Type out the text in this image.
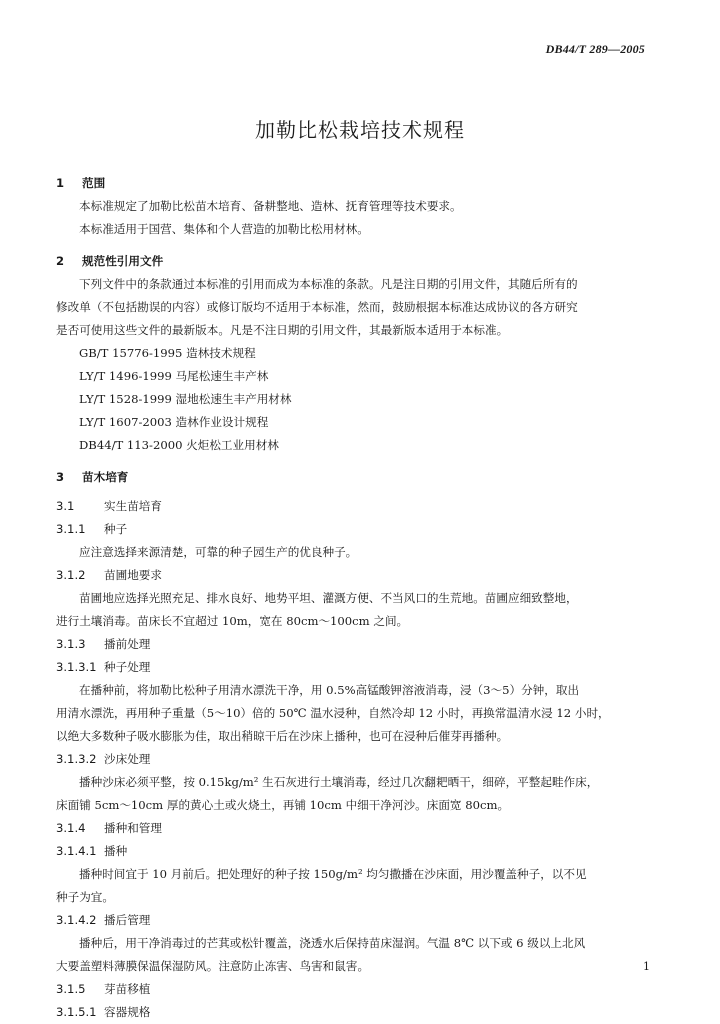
DB44/T 289—2005
加勒比松栽培技术规程
1 范围
本标准规定了加勒比松苗木培育、备耕整地、造林、抚育管理等技术要求。
本标准适用于国营、集体和个人营造的加勒比松用材林。
2 规范性引用文件
下列文件中的条款通过本标准的引用而成为本标准的条款。凡是注日期的引用文件，其随后所有的
修改单（不包括勘误的内容）或修订版均不适用于本标准，然而，鼓励根据本标准达成协议的各方研究
是否可使用这些文件的最新版本。凡是不注日期的引用文件，其最新版本适用于本标准。
GB/T 15776-1995 造林技术规程
LY/T 1496-1999 马尾松速生丰产林
LY/T 1528-1999 湿地松速生丰产用材林
LY/T 1607-2003 造林作业设计规程
DB44/T 113-2000 火炬松工业用材林
3 苗木培育
3.1	实生苗培育
3.1.1 种子
应注意选择来源清楚，可靠的种子园生产的优良种子。
3.1.2 苗圃地要求
苗圃地应选择光照充足、排水良好、地势平坦、灌溉方便、不当风口的生荒地。苗圃应细致整地，
进行土壤消毒。苗床长不宜超过 10m，宽在 80cm～100cm 之间。
3.1.3 播前处理
3.1.3.1 种子处理
在播种前，将加勒比松种子用清水漂洗干净，用 0.5%高锰酸钾溶液消毒，浸（3～5）分钟，取出
用清水漂洗，再用种子重量（5～10）倍的 50℃ 温水浸种，自然冷却 12 小时，再换常温清水浸 12 小时，
以绝大多数种子吸水膨胀为佳，取出稍晾干后在沙床上播种，也可在浸种后催芽再播种。
3.1.3.2 沙床处理
播种沙床必须平整，按 0.15kg/m² 生石灰进行土壤消毒，经过几次翻耙晒干，细碎，平整起畦作床，
床面铺 5cm～10cm 厚的黄心土或火烧土，再铺 10cm 中细干净河沙。床面宽 80cm。
3.1.4 播种和管理
3.1.4.1 播种
播种时间宜于 10 月前后。把处理好的种子按 150g/m² 均匀撒播在沙床面，用沙覆盖种子，以不见
种子为宜。
3.1.4.2 播后管理
播种后，用干净消毒过的芒萁或松针覆盖，浇透水后保持苗床湿润。气温 8℃ 以下或 6 级以上北风
大要盖塑料薄膜保温保湿防风。注意防止冻害、鸟害和鼠害。
3.1.5 芽苗移植
3.1.5.1 容器规格
1
